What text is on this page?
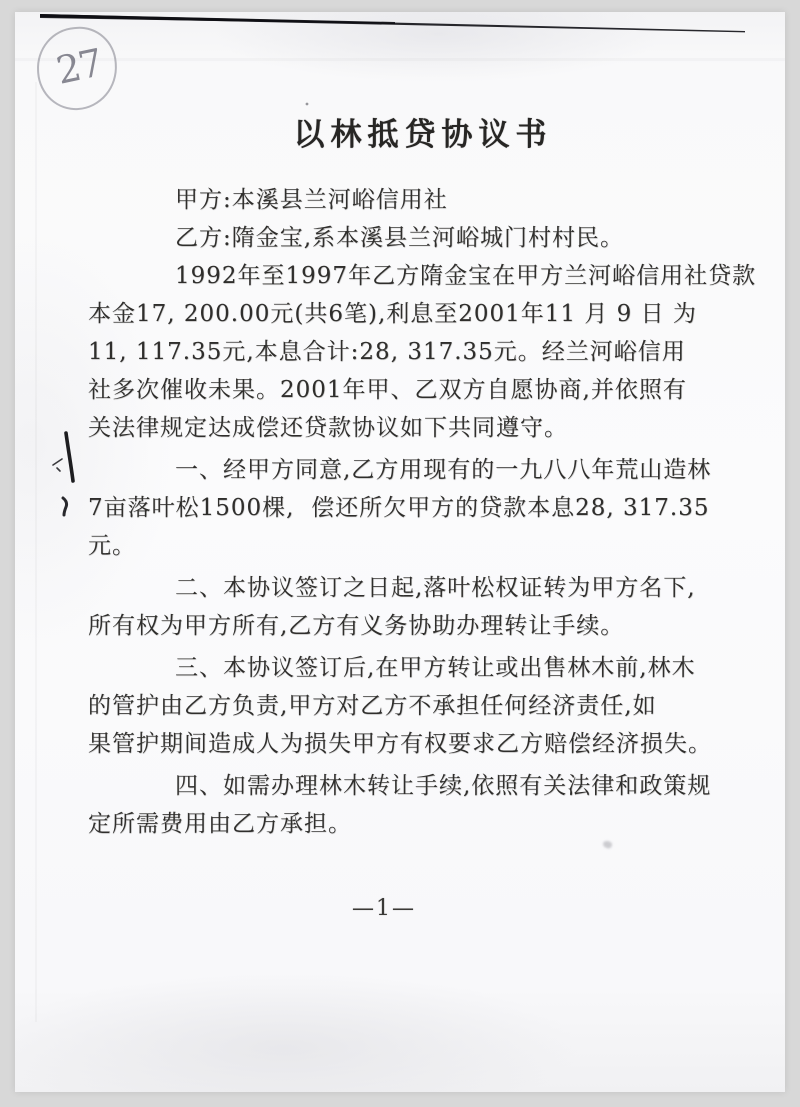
27
以林抵贷协议书
甲方:本溪县兰河峪信用社
乙方:隋金宝,系本溪县兰河峪城门村村民。
1992年至1997年乙方隋金宝在甲方兰河峪信用社贷款
本金17, 200.00元(共6笔),利息至2001年11 月 9 日 为
11, 117.35元,本息合计:28, 317.35元。经兰河峪信用
社多次催收未果。2001年甲、乙双方自愿协商,并依照有
关法律规定达成偿还贷款协议如下共同遵守。
一、经甲方同意,乙方用现有的一九八八年荒山造林
7亩落叶松1500棵,  偿还所欠甲方的贷款本息28, 317.35
元。
二、本协议签订之日起,落叶松权证转为甲方名下,
所有权为甲方所有,乙方有义务协助办理转让手续。
三、本协议签订后,在甲方转让或出售林木前,林木
的管护由乙方负责,甲方对乙方不承担任何经济责任,如
果管护期间造成人为损失甲方有权要求乙方赔偿经济损失。
四、如需办理林木转让手续,依照有关法律和政策规
定所需费用由乙方承担。
—1—
